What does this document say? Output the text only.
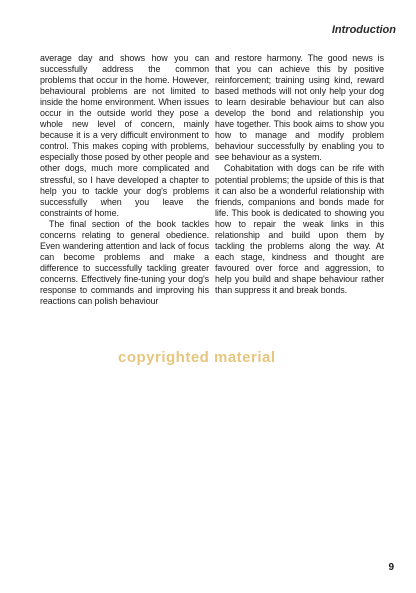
Introduction

average day and shows how you can successfully address the common problems that occur in the home. However, behavioural problems are not limited to inside the home environment. When issues occur in the outside world they pose a whole new level of concern, mainly because it is a very difficult environment to control. This makes coping with problems, especially those posed by other people and other dogs, much more complicated and stressful, so I have developed a chapter to help you to tackle your dog's problems successfully when you leave the constraints of home.

The final section of the book tackles concerns relating to general obedience. Even wandering attention and lack of focus can become problems and make a difference to successfully tackling greater concerns. Effectively fine-tuning your dog's response to commands and improving his reactions can polish behaviour

and restore harmony. The good news is that you can achieve this by positive reinforcement; training using kind, reward based methods will not only help your dog to learn desirable behaviour but can also develop the bond and relationship you have together. This book aims to show you how to manage and modify problem behaviour successfully by enabling you to see behaviour as a system.

Cohabitation with dogs can be rife with potential problems; the upside of this is that it can also be a wonderful relationship with friends, companions and bonds made for life. This book is dedicated to showing you how to repair the weak links in this relationship and build upon them by tackling the problems along the way. At each stage, kindness and thought are favoured over force and aggression, to help you build and shape behaviour rather than suppress it and break bonds.

copyrighted material
9
